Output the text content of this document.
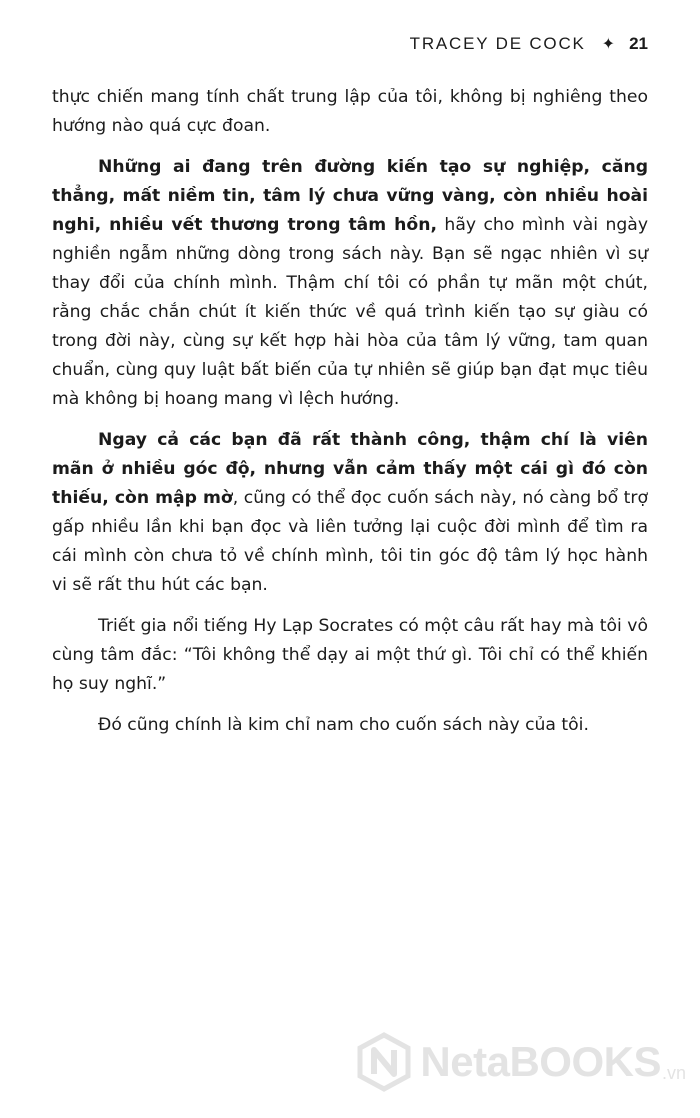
TRACEY DE COCK ✦ 21

thực chiến mang tính chất trung lập của tôi, không bị nghiêng theo hướng nào quá cực đoan.

Những ai đang trên đường kiến tạo sự nghiệp, căng thẳng, mất niềm tin, tâm lý chưa vững vàng, còn nhiều hoài nghi, nhiều vết thương trong tâm hồn, hãy cho mình vài ngày nghiền ngẫm những dòng trong sách này. Bạn sẽ ngạc nhiên vì sự thay đổi của chính mình. Thậm chí tôi có phần tự mãn một chút, rằng chắc chắn chút ít kiến thức về quá trình kiến tạo sự giàu có trong đời này, cùng sự kết hợp hài hòa của tâm lý vững, tam quan chuẩn, cùng quy luật bất biến của tự nhiên sẽ giúp bạn đạt mục tiêu mà không bị hoang mang vì lệch hướng.

Ngay cả các bạn đã rất thành công, thậm chí là viên mãn ở nhiều góc độ, nhưng vẫn cảm thấy một cái gì đó còn thiếu, còn mập mờ, cũng có thể đọc cuốn sách này, nó càng bổ trợ gấp nhiều lần khi bạn đọc và liên tưởng lại cuộc đời mình để tìm ra cái mình còn chưa tỏ về chính mình, tôi tin góc độ tâm lý học hành vi sẽ rất thu hút các bạn.

Triết gia nổi tiếng Hy Lạp Socrates có một câu rất hay mà tôi vô cùng tâm đắc: “Tôi không thể dạy ai một thứ gì. Tôi chỉ có thể khiến họ suy nghĩ.”

Đó cũng chính là kim chỉ nam cho cuốn sách này của tôi.

NetaBOOKS .vn
